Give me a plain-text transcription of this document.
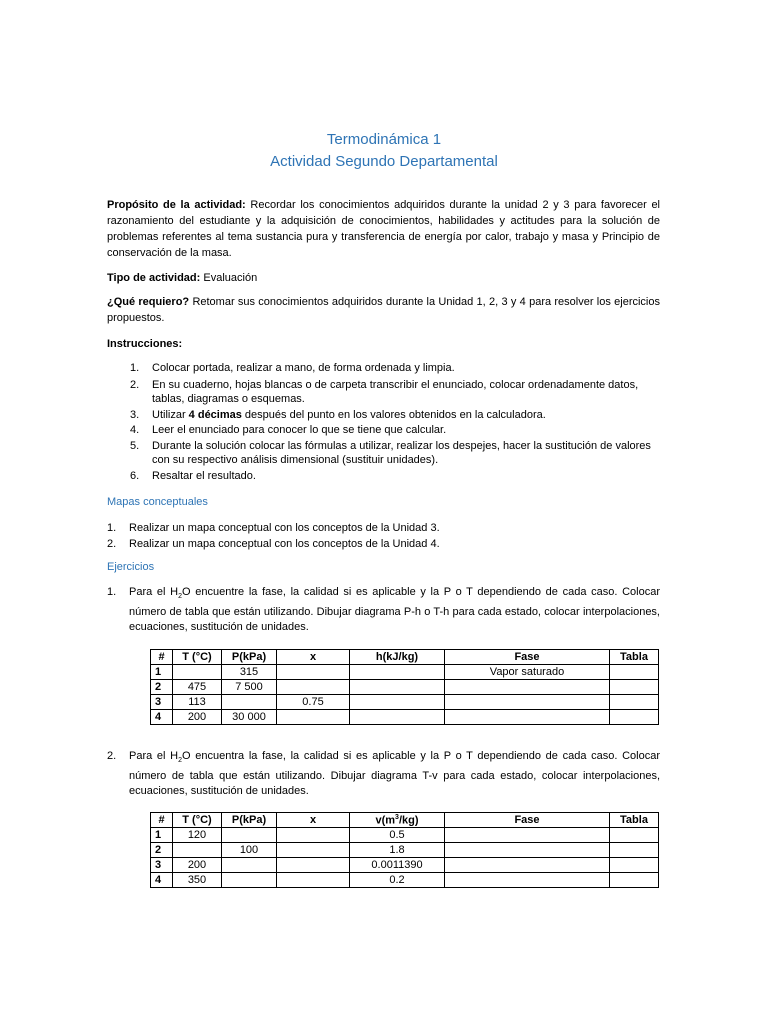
Termodinámica 1
Actividad Segundo Departamental
Propósito de la actividad: Recordar los conocimientos adquiridos durante la unidad 2 y 3 para favorecer el razonamiento del estudiante y la adquisición de conocimientos, habilidades y actitudes para la solución de problemas referentes al tema sustancia pura y transferencia de energía por calor, trabajo y masa y Principio de conservación de la masa.
Tipo de actividad: Evaluación
¿Qué requiero? Retomar sus conocimientos adquiridos durante la Unidad 1, 2, 3 y 4 para resolver los ejercicios propuestos.
Instrucciones:
1. Colocar portada, realizar a mano, de forma ordenada y limpia.
2. En su cuaderno, hojas blancas o de carpeta transcribir el enunciado, colocar ordenadamente datos, tablas, diagramas o esquemas.
3. Utilizar 4 décimas después del punto en los valores obtenidos en la calculadora.
4. Leer el enunciado para conocer lo que se tiene que calcular.
5. Durante la solución colocar las fórmulas a utilizar, realizar los despejes, hacer la sustitución de valores con su respectivo análisis dimensional (sustituir unidades).
6. Resaltar el resultado.
Mapas conceptuales
1. Realizar un mapa conceptual con los conceptos de la Unidad 3.
2. Realizar un mapa conceptual con los conceptos de la Unidad 4.
Ejercicios
1. Para el $H_2O$ encuentre la fase, la calidad si es aplicable y la P o T dependiendo de cada caso. Colocar número de tabla que están utilizando. Dibujar diagrama P-h o T-h para cada estado, colocar interpolaciones, ecuaciones, sustitución de unidades.
#	T (°C)	P(kPa)	x	h(kJ/kg)	Fase	Tabla
1		315			Vapor saturado	
2	475	7 500				
3	113		0.75			
4	200	30 000				
2. Para el $H_2O$ encuentra la fase, la calidad si es aplicable y la P o T dependiendo de cada caso. Colocar número de tabla que están utilizando. Dibujar diagrama T-v para cada estado, colocar interpolaciones, ecuaciones, sustitución de unidades.
#	T (°C)	P(kPa)	x	$v(m^3/kg)$	Fase	Tabla
1	120			0.5		
2		100		1.8		
3	200			0.0011390		
4	350			0.2		
